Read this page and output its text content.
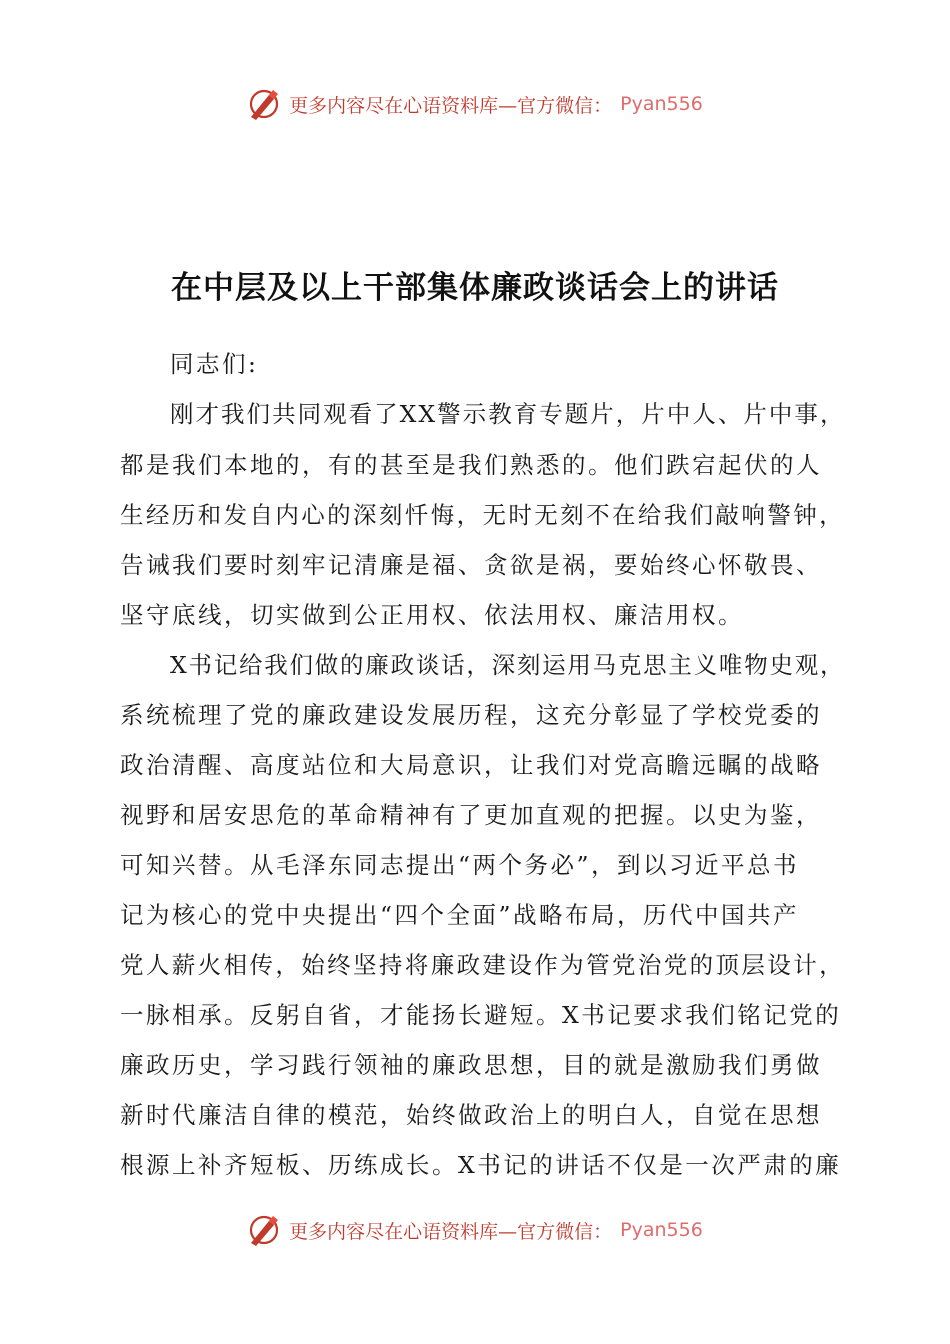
更多内容尽在心语资料库—官方微信： Pyan556
在中层及以上干部集体廉政谈话会上的讲话
同志们:
刚才我们共同观看了XX警示教育专题片，片中人、片中事，
都是我们本地的，有的甚至是我们熟悉的。他们跌宕起伏的人
生经历和发自内心的深刻忏悔，无时无刻不在给我们敲响警钟，
告诫我们要时刻牢记清廉是福、贪欲是祸，要始终心怀敬畏、
坚守底线，切实做到公正用权、依法用权、廉洁用权。
X书记给我们做的廉政谈话，深刻运用马克思主义唯物史观，
系统梳理了党的廉政建设发展历程，这充分彰显了学校党委的
政治清醒、高度站位和大局意识，让我们对党高瞻远瞩的战略
视野和居安思危的革命精神有了更加直观的把握。以史为鉴，
可知兴替。从毛泽东同志提出“两个务必”，到以习近平总书
记为核心的党中央提出“四个全面”战略布局，历代中国共产
党人薪火相传，始终坚持将廉政建设作为管党治党的顶层设计，
一脉相承。反躬自省，才能扬长避短。X书记要求我们铭记党的
廉政历史，学习践行领袖的廉政思想，目的就是激励我们勇做
新时代廉洁自律的模范，始终做政治上的明白人，自觉在思想
根源上补齐短板、历练成长。X书记的讲话不仅是一次严肃的廉
更多内容尽在心语资料库—官方微信： Pyan556
